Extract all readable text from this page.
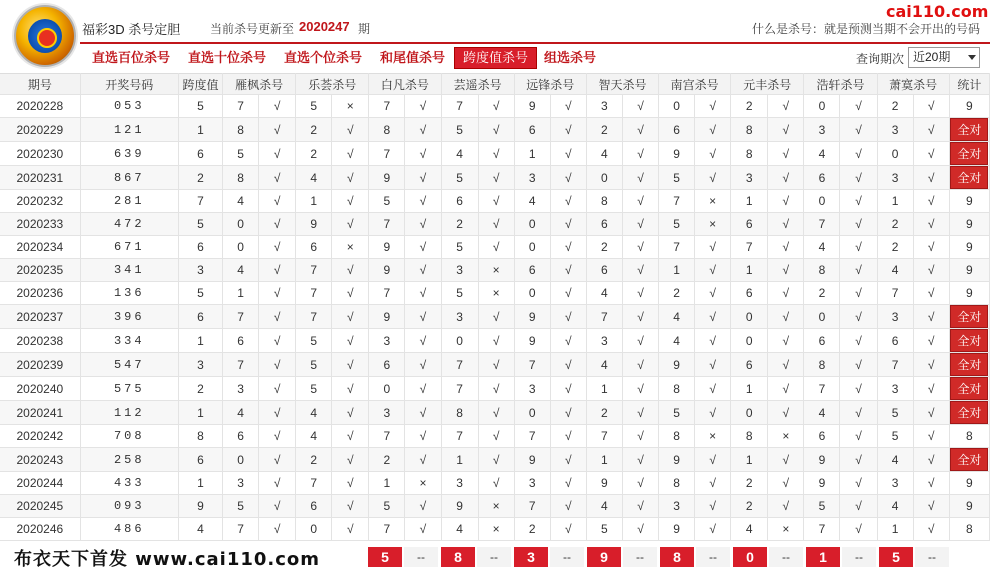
福彩3D 杀号定胆 当前杀号更新至 2020247 期
cai110.com
什么是杀号：就是预测当期不会开出的号码
直选百位杀号 直选十位杀号 直选个位杀号 和尾值杀号	跨度值杀号	组选杀号	查询期次 近20期
期号	开奖号码	跨度值	雁枫杀号		乐荟杀号		白凡杀号		芸遥杀号		远锋杀号		智天杀号		南宫杀号		元丰杀号		浩轩杀号		萧寞杀号		统计
2020228	053	5	7	√	5	×	7	√	7	√	9	√	3	√	0	√	2	√	0	√	2	√	9
2020229	121	1	8	√	2	√	8	√	5	√	6	√	2	√	6	√	8	√	3	√	3	√	全对
2020230	639	6	5	√	2	√	7	√	4	√	1	√	4	√	9	√	8	√	4	√	0	√	全对
2020231	867	2	8	√	4	√	9	√	5	√	3	√	0	√	5	√	3	√	6	√	3	√	全对
2020232	281	7	4	√	1	√	5	√	6	√	4	√	8	√	7	×	1	√	0	√	1	√	9
2020233	472	5	0	√	9	√	7	√	2	√	0	√	6	√	5	×	6	√	7	√	2	√	9
2020234	671	6	0	√	6	×	9	√	5	√	0	√	2	√	7	√	7	√	4	√	2	√	9
2020235	341	3	4	√	7	√	9	√	3	×	6	√	6	√	1	√	1	√	8	√	4	√	9
2020236	136	5	1	√	7	√	7	√	5	×	0	√	4	√	2	√	6	√	2	√	7	√	9
2020237	396	6	7	√	7	√	9	√	3	√	9	√	7	√	4	√	0	√	0	√	3	√	全对
2020238	334	1	6	√	5	√	3	√	0	√	9	√	3	√	4	√	0	√	6	√	6	√	全对
2020239	547	3	7	√	5	√	6	√	7	√	7	√	4	√	9	√	6	√	8	√	7	√	全对
2020240	575	2	3	√	5	√	0	√	7	√	3	√	1	√	8	√	1	√	7	√	3	√	全对
2020241	112	1	4	√	4	√	3	√	8	√	0	√	2	√	5	√	0	√	4	√	5	√	全对
2020242	708	8	6	√	4	√	7	√	7	√	7	√	7	√	8	×	8	×	6	√	5	√	8
2020243	258	6	0	√	2	√	2	√	1	√	9	√	1	√	9	√	1	√	9	√	4	√	全对
2020244	433	1	3	√	7	√	1	×	3	√	3	√	9	√	8	√	2	√	9	√	3	√	9
2020245	093	9	5	√	6	√	5	√	9	×	7	√	4	√	3	√	2	√	5	√	4	√	9
2020246	486	4	7	√	0	√	7	√	4	×	2	√	5	√	9	√	4	×	7	√	1	√	8
布衣天下首发 www.cai110.com	5	--	8	--	3	--	9	--	8	--	0	--	1	--	5	--
